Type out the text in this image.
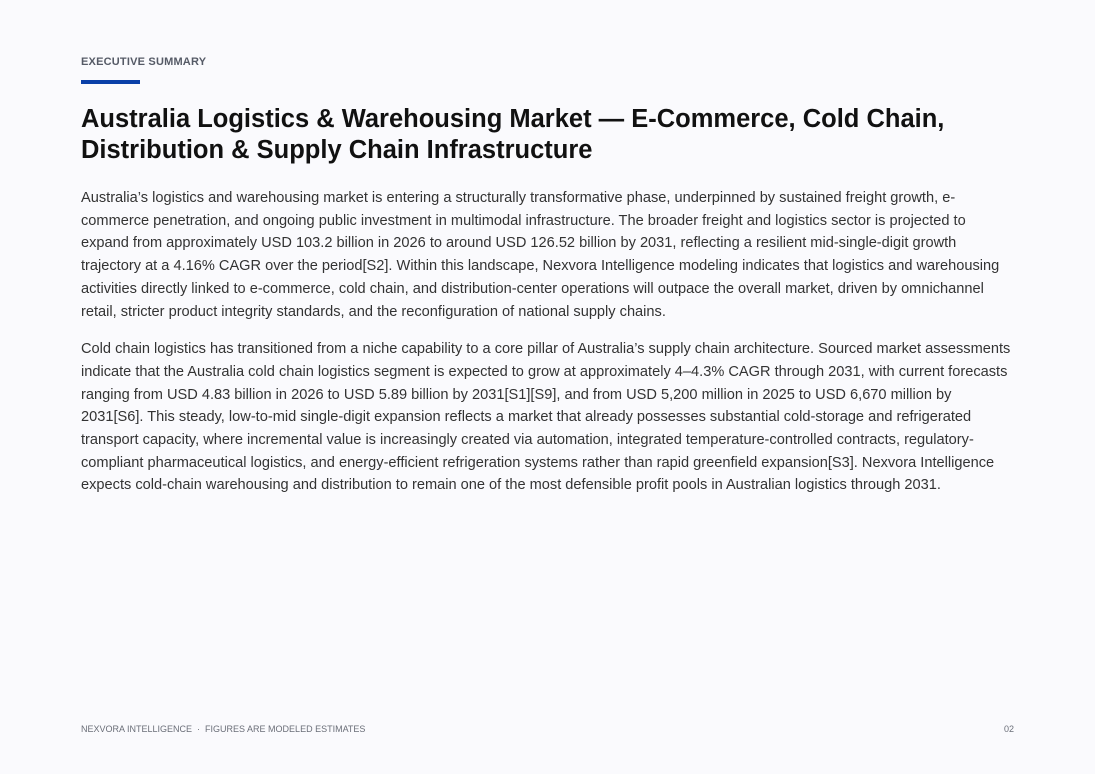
EXECUTIVE SUMMARY
Australia Logistics & Warehousing Market — E-Commerce, Cold Chain, Distribution & Supply Chain Infrastructure

Australia’s logistics and warehousing market is entering a structurally transformative phase, underpinned by sustained freight growth, e-commerce penetration, and ongoing public investment in multimodal infrastructure. The broader freight and logistics sector is projected to expand from approximately USD 103.2 billion in 2026 to around USD 126.52 billion by 2031, reflecting a resilient mid-single-digit growth trajectory at a 4.16% CAGR over the period[S2]. Within this landscape, Nexvora Intelligence modeling indicates that logistics and warehousing activities directly linked to e-commerce, cold chain, and distribution-center operations will outpace the overall market, driven by omnichannel retail, stricter product integrity standards, and the reconfiguration of national supply chains.

Cold chain logistics has transitioned from a niche capability to a core pillar of Australia’s supply chain architecture. Sourced market assessments indicate that the Australia cold chain logistics segment is expected to grow at approximately 4–4.3% CAGR through 2031, with current forecasts ranging from USD 4.83 billion in 2026 to USD 5.89 billion by 2031[S1][S9], and from USD 5,200 million in 2025 to USD 6,670 million by 2031[S6]. This steady, low-to-mid single-digit expansion reflects a market that already possesses substantial cold-storage and refrigerated transport capacity, where incremental value is increasingly created via automation, integrated temperature-controlled contracts, regulatory-compliant pharmaceutical logistics, and energy-efficient refrigeration systems rather than rapid greenfield expansion[S3]. Nexvora Intelligence expects cold-chain warehousing and distribution to remain one of the most defensible profit pools in Australian logistics through 2031.

NEXVORA INTELLIGENCE · FIGURES ARE MODELED ESTIMATES	02
